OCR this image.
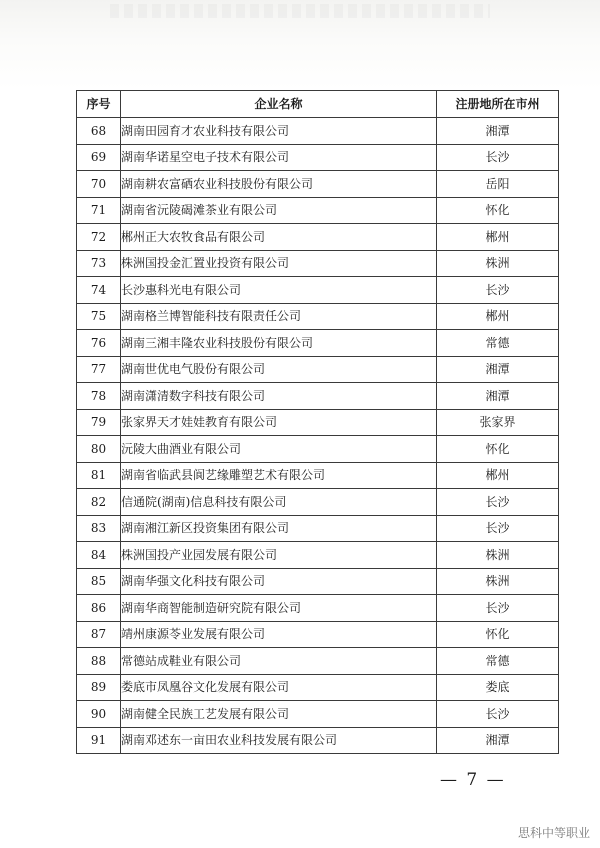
序号	企业名称	注册地所在市州
68	湖南田园育才农业科技有限公司	湘潭
69	湖南华诺星空电子技术有限公司	长沙
70	湖南耕农富硒农业科技股份有限公司	岳阳
71	湖南省沅陵碣滩茶业有限公司	怀化
72	郴州正大农牧食品有限公司	郴州
73	株洲国投金汇置业投资有限公司	株洲
74	长沙惠科光电有限公司	长沙
75	湖南格兰博智能科技有限责任公司	郴州
76	湖南三湘丰隆农业科技股份有限公司	常德
77	湖南世优电气股份有限公司	湘潭
78	湖南潇清数字科技有限公司	湘潭
79	张家界天才娃娃教育有限公司	张家界
80	沅陵大曲酒业有限公司	怀化
81	湖南省临武县阆艺缘雕塑艺术有限公司	郴州
82	信通院(湖南)信息科技有限公司	长沙
83	湖南湘江新区投资集团有限公司	长沙
84	株洲国投产业园发展有限公司	株洲
85	湖南华强文化科技有限公司	株洲
86	湖南华商智能制造研究院有限公司	长沙
87	靖州康源苓业发展有限公司	怀化
88	常德站成鞋业有限公司	常德
89	娄底市凤凰谷文化发展有限公司	娄底
90	湖南健全民族工艺发展有限公司	长沙
91	湖南邓述东一亩田农业科技发展有限公司	湘潭
— 7 —
思科中等职业
